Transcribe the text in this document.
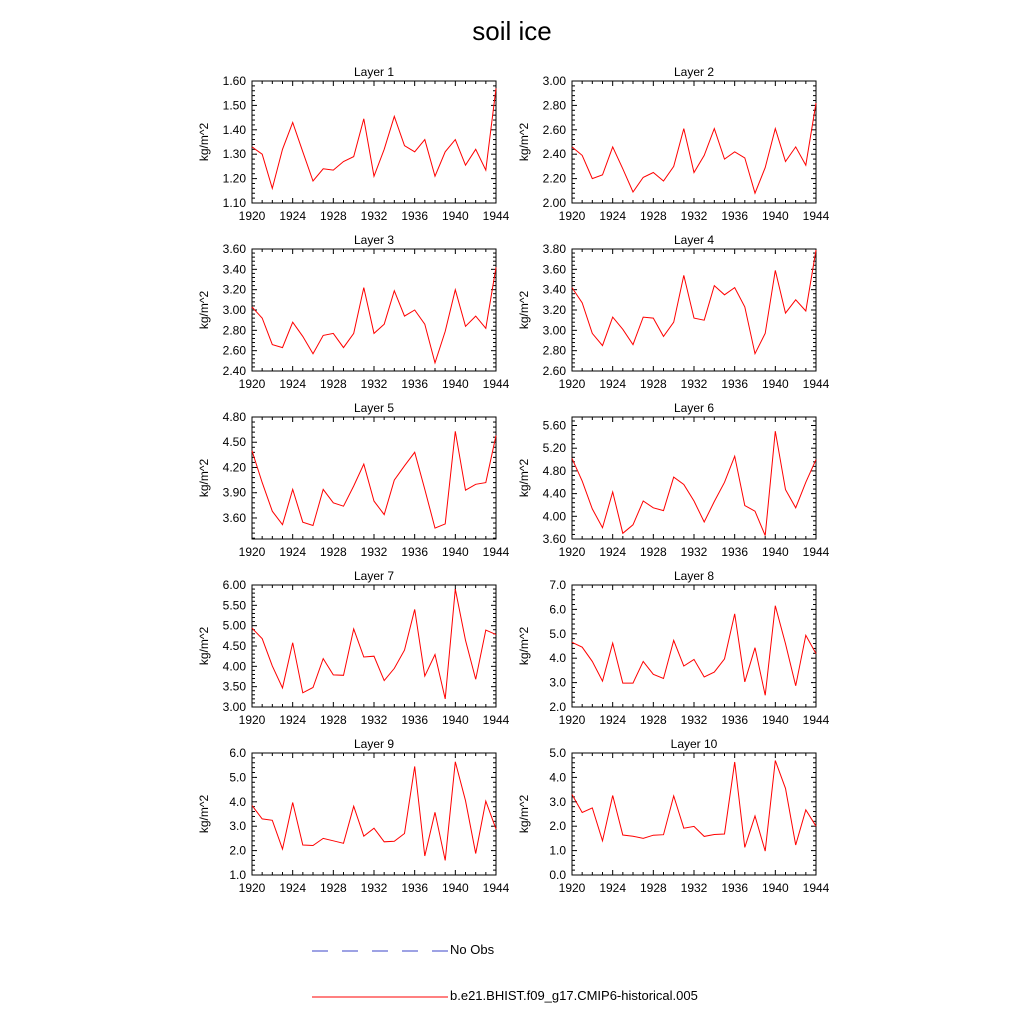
soil ice
Layer 1
kg/m^2
1920 1924 1928 1932 1936 1940 1944
1.10
1.20
1.30
1.40
1.50
1.60
Layer 2
kg/m^2
1920 1924 1928 1932 1936 1940 1944
2.00
2.20
2.40
2.60
2.80
3.00
Layer 3
kg/m^2
1920 1924 1928 1932 1936 1940 1944
2.40
2.60
2.80
3.00
3.20
3.40
3.60
Layer 4
kg/m^2
1920 1924 1928 1932 1936 1940 1944
2.60
2.80
3.00
3.20
3.40
3.60
3.80
Layer 5
kg/m^2
1920 1924 1928 1932 1936 1940 1944
3.60
3.90
4.20
4.50
4.80
Layer 6
kg/m^2
1920 1924 1928 1932 1936 1940 1944
3.60
4.00
4.40
4.80
5.20
5.60
Layer 7
kg/m^2
1920 1924 1928 1932 1936 1940 1944
3.00
3.50
4.00
4.50
5.00
5.50
6.00
Layer 8
kg/m^2
1920 1924 1928 1932 1936 1940 1944
2.0
3.0
4.0
5.0
6.0
7.0
Layer 9
kg/m^2
1920 1924 1928 1932 1936 1940 1944
1.0
2.0
3.0
4.0
5.0
6.0
Layer 10
kg/m^2
1920 1924 1928 1932 1936 1940 1944
0.0
1.0
2.0
3.0
4.0
5.0
No Obs
b.e21.BHIST.f09_g17.CMIP6-historical.005
